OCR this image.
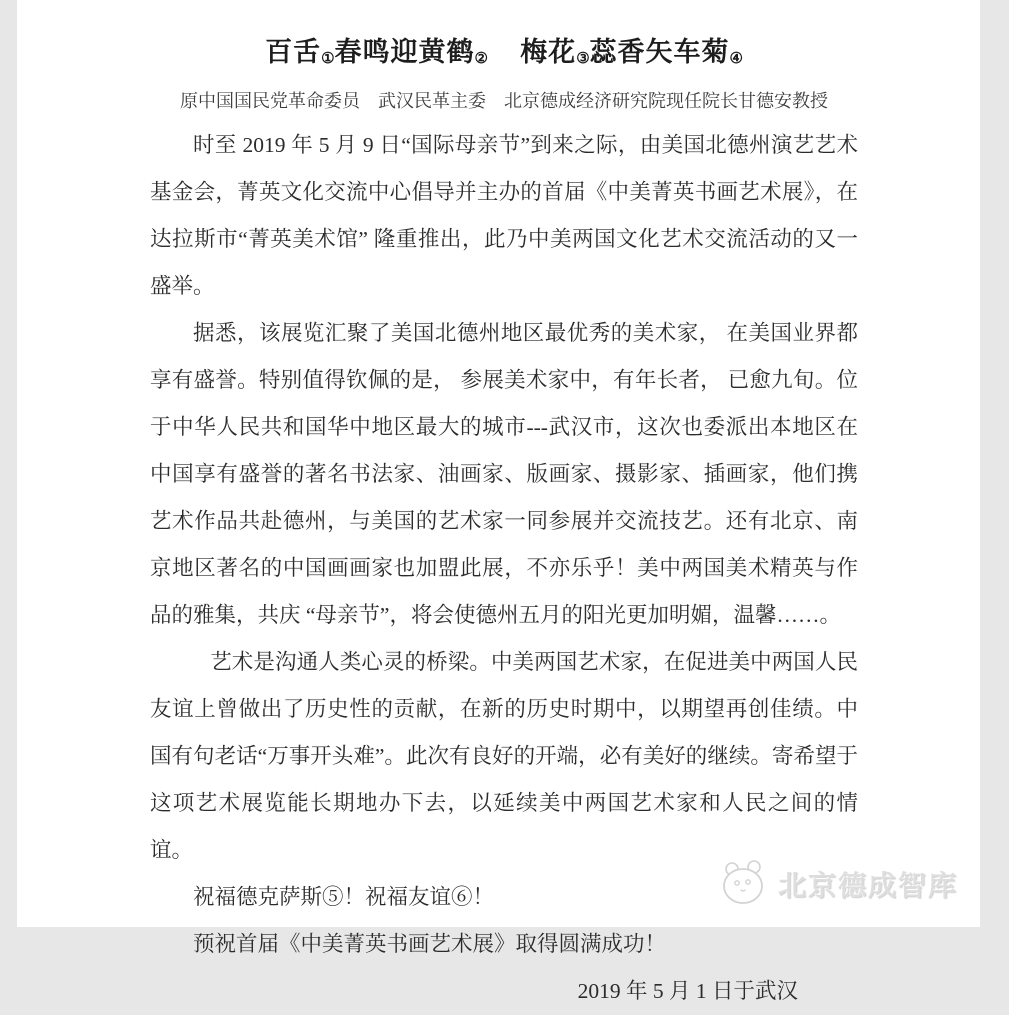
百舌①春鸣迎黄鹤② 梅花③蕊香矢车菊④

原中国国民党革命委员　武汉民革主委　北京德成经济研究院现任院长甘德安教授

时至 2019 年 5 月 9 日“国际母亲节”到来之际，由美国北德州演艺艺术基金会，菁英文化交流中心倡导并主办的首届《中美菁英书画艺术展》，在达拉斯市“菁英美术馆” 隆重推出，此乃中美两国文化艺术交流活动的又一盛举。

据悉，该展览汇聚了美国北德州地区最优秀的美术家， 在美国业界都享有盛誉。特别值得钦佩的是， 参展美术家中，有年长者， 已愈九旬。位于中华人民共和国华中地区最大的城市---武汉市，这次也委派出本地区在中国享有盛誉的著名书法家、油画家、版画家、摄影家、插画家，他们携艺术作品共赴德州，与美国的艺术家一同参展并交流技艺。还有北京、南京地区著名的中国画画家也加盟此展，不亦乐乎！美中两国美术精英与作品的雅集，共庆 “母亲节”，将会使德州五月的阳光更加明媚，温馨……。

艺术是沟通人类心灵的桥梁。中美两国艺术家，在促进美中两国人民友谊上曾做出了历史性的贡献，在新的历史时期中，以期望再创佳绩。中国有句老话“万事开头难”。此次有良好的开端，必有美好的继续。寄希望于这项艺术展览能长期地办下去，以延续美中两国艺术家和人民之间的情谊。

祝福德克萨斯⑤！祝福友谊⑥！

预祝首届《中美菁英书画艺术展》取得圆满成功！

2019 年 5 月 1 日于武汉

北京德成智库
